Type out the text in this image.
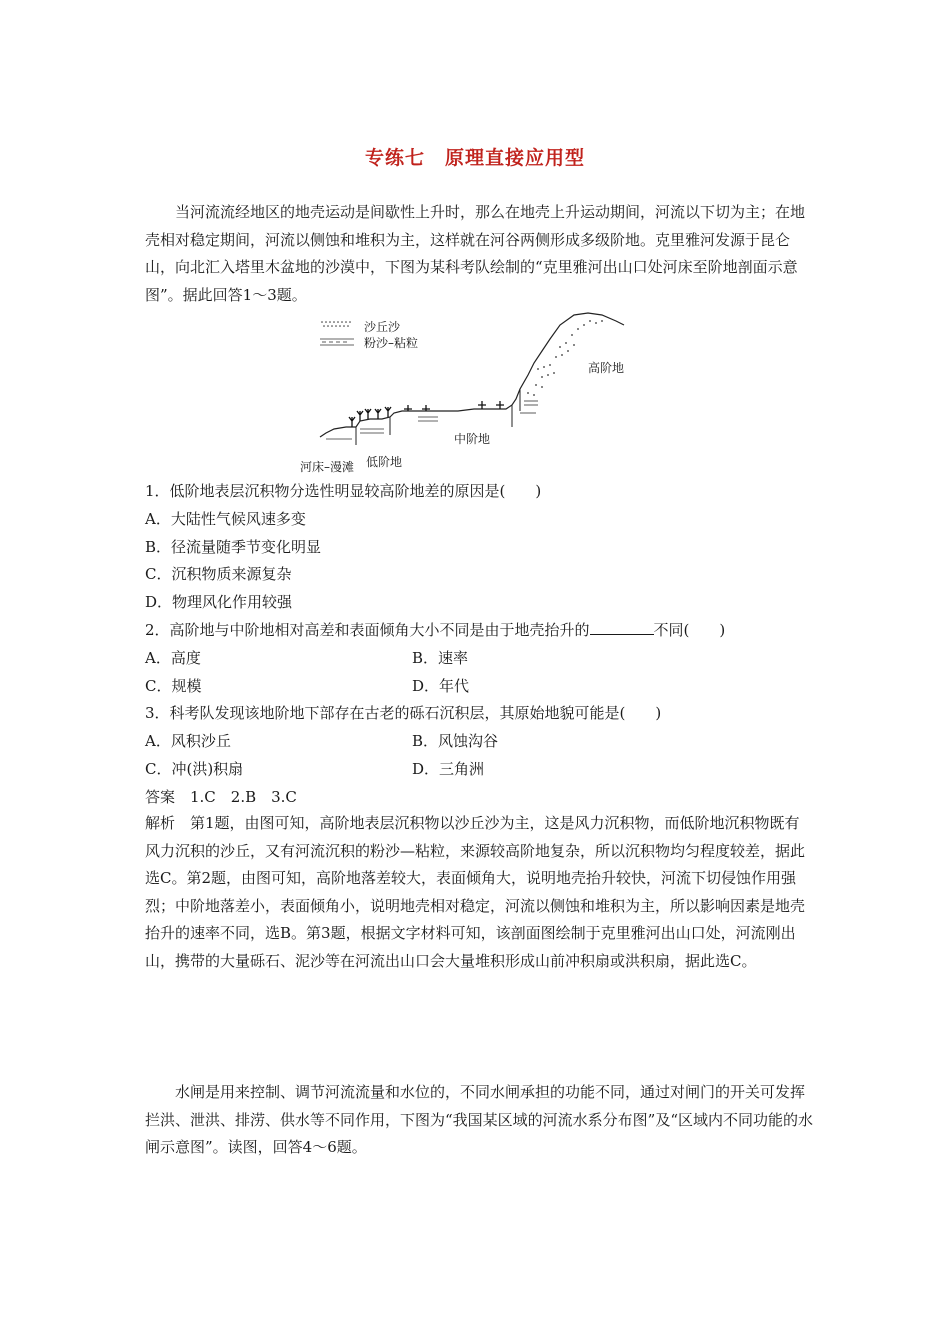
专练七　原理直接应用型

当河流流经地区的地壳运动是间歇性上升时，那么在地壳上升运动期间，河流以下切为主；在地壳相对稳定期间，河流以侧蚀和堆积为主，这样就在河谷两侧形成多级阶地。克里雅河发源于昆仑山，向北汇入塔里木盆地的沙漠中，下图为某科考队绘制的“克里雅河出山口处河床至阶地剖面示意图”。据此回答1～3题。

沙丘沙
粉沙–粘粒
高阶地
中阶地
低阶地
河床–漫滩
1．低阶地表层沉积物分选性明显较高阶地差的原因是(　　)
A．大陆性气候风速多变
B．径流量随季节变化明显
C．沉积物质来源复杂
D．物理风化作用较强
2．高阶地与中阶地相对高差和表面倾角大小不同是由于地壳抬升的	不同(　　)
A．高度	B．速率
C．规模	D．年代
3．科考队发现该地阶地下部存在古老的砾石沉积层，其原始地貌可能是(　　)
A．风积沙丘	B．风蚀沟谷
C．冲(洪)积扇	D．三角洲
答案　1.C　2.B　3.C

解析　第1题，由图可知，高阶地表层沉积物以沙丘沙为主，这是风力沉积物，而低阶地沉积物既有风力沉积的沙丘，又有河流沉积的粉沙—粘粒，来源较高阶地复杂，所以沉积物均匀程度较差，据此选C。第2题，由图可知，高阶地落差较大，表面倾角大，说明地壳抬升较快，河流下切侵蚀作用强烈；中阶地落差小，表面倾角小，说明地壳相对稳定，河流以侧蚀和堆积为主，所以影响因素是地壳抬升的速率不同，选B。第3题，根据文字材料可知，该剖面图绘制于克里雅河出山口处，河流刚出山，携带的大量砾石、泥沙等在河流出山口会大量堆积形成山前冲积扇或洪积扇，据此选C。

水闸是用来控制、调节河流流量和水位的，不同水闸承担的功能不同，通过对闸门的开关可发挥拦洪、泄洪、排涝、供水等不同作用，下图为“我国某区域的河流水系分布图”及“区域内不同功能的水闸示意图”。读图，回答4～6题。
